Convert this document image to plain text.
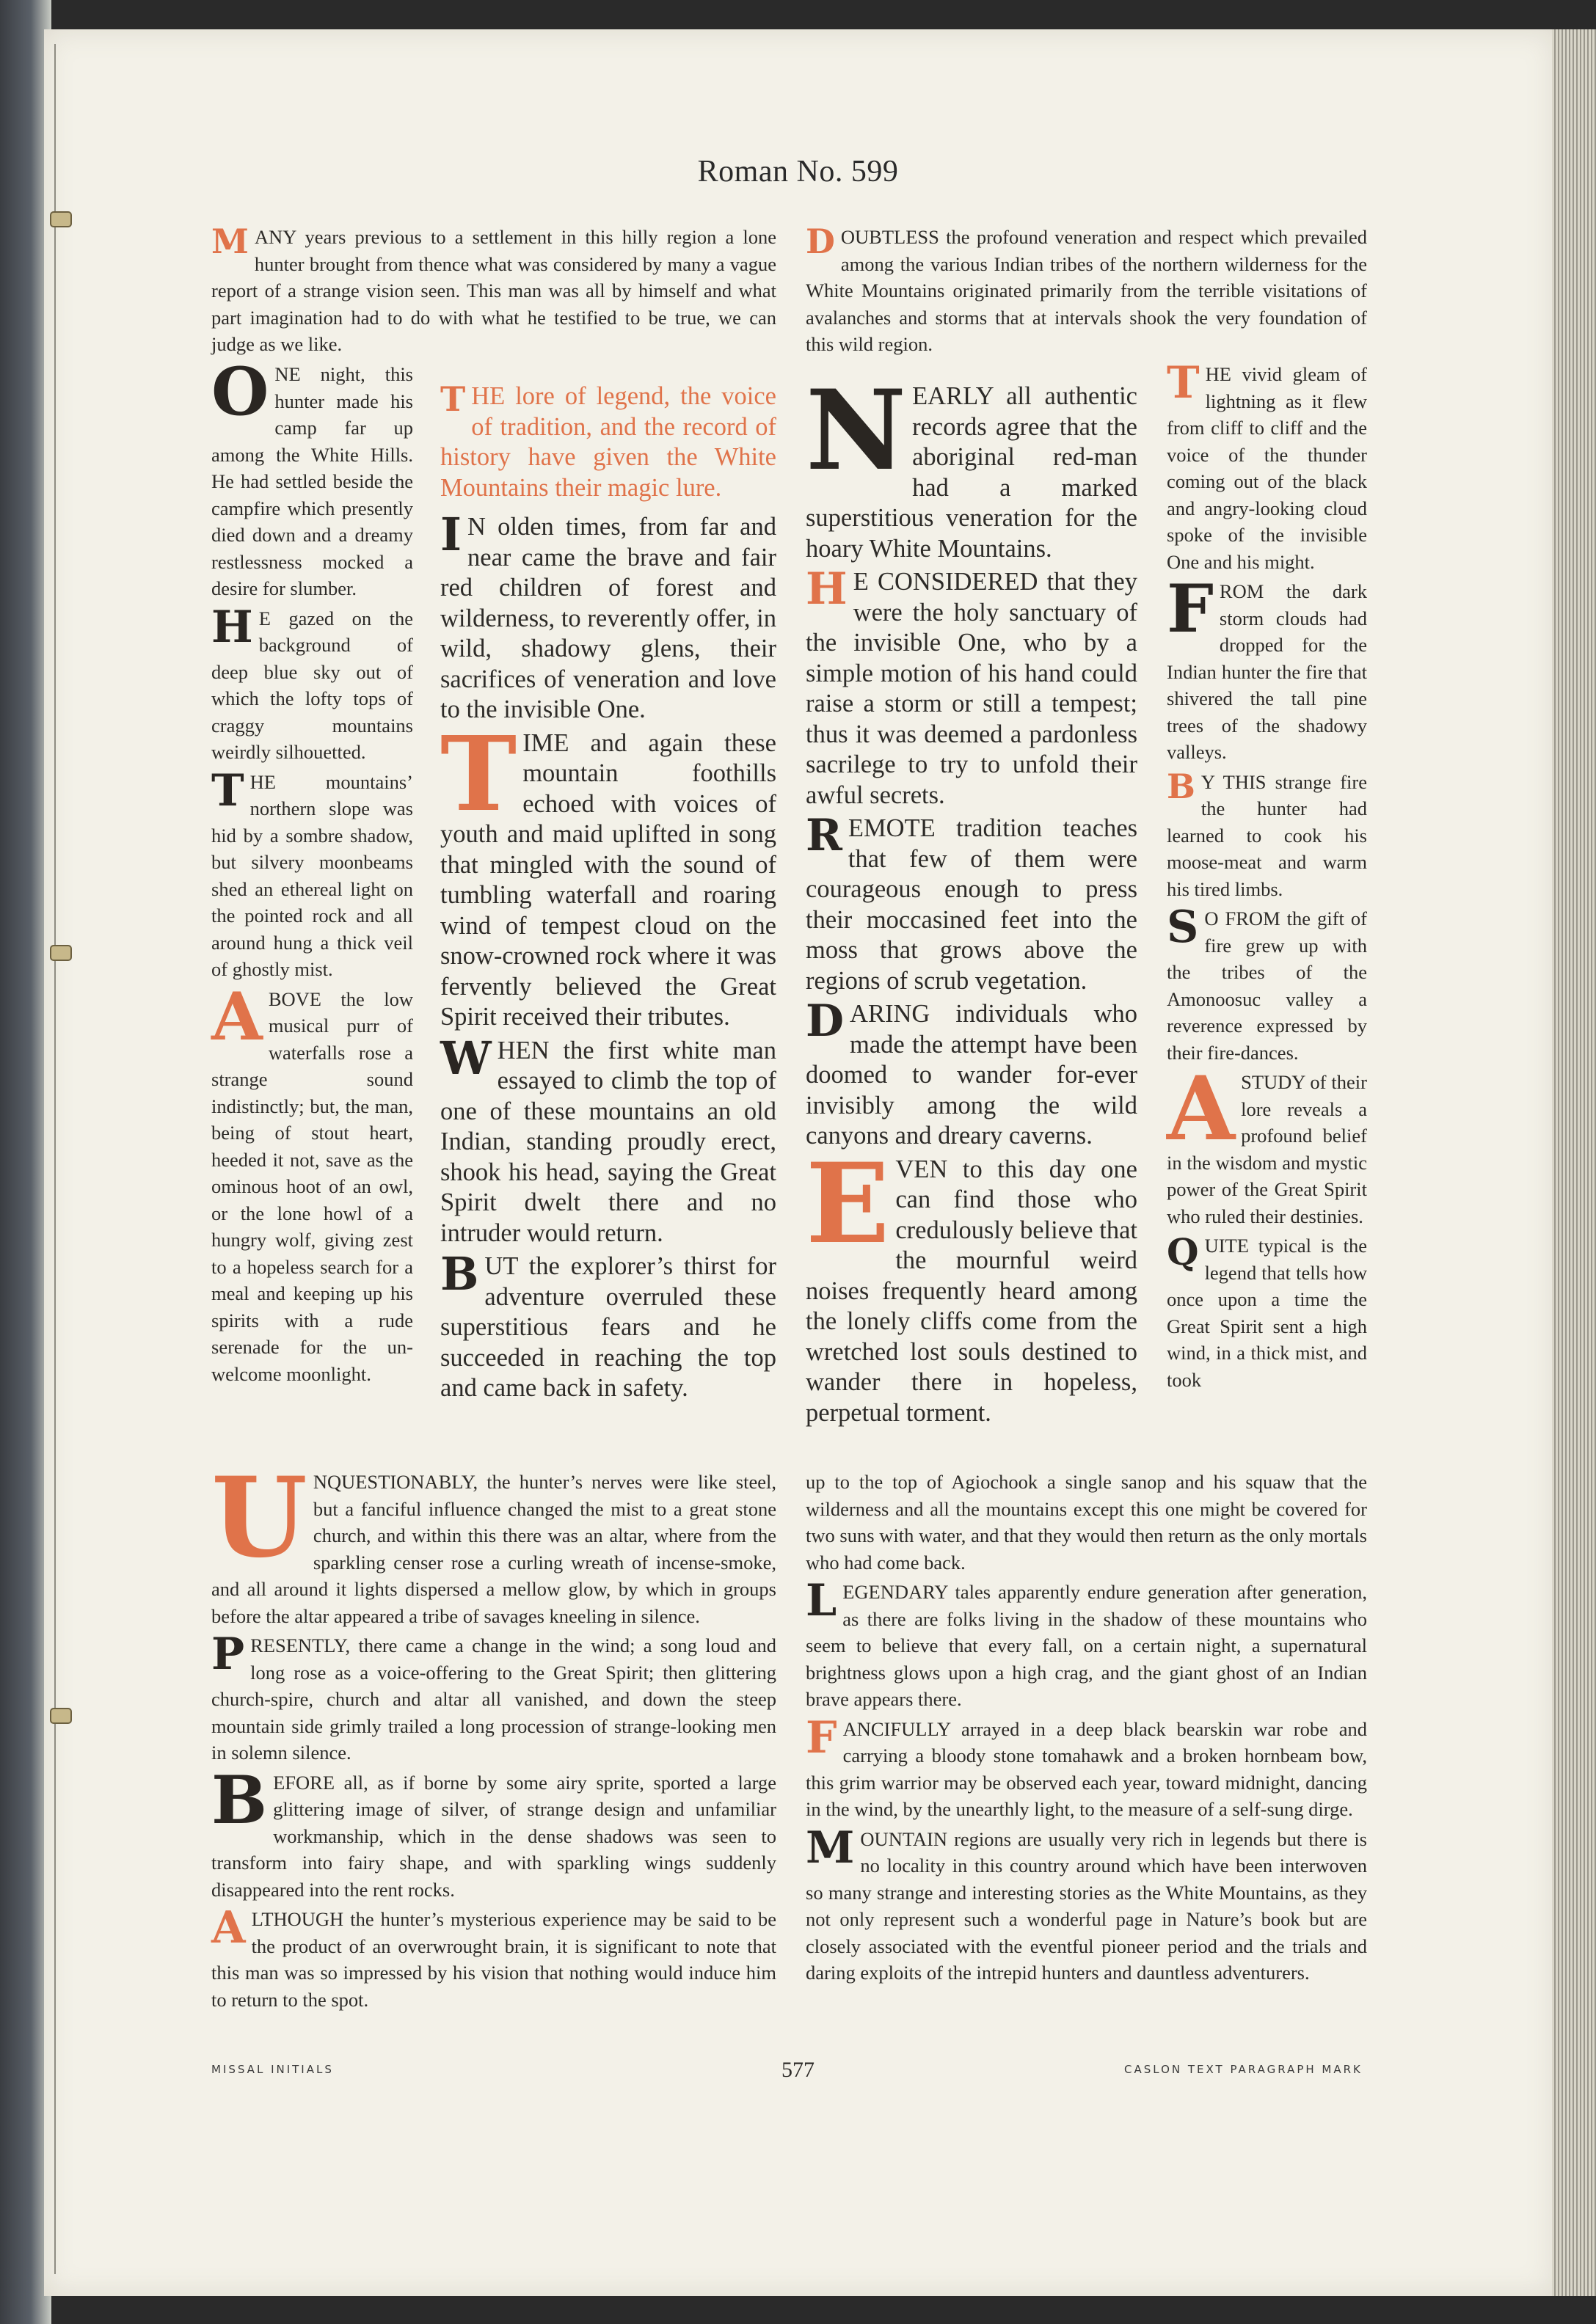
Roman No. 599

MANY years previous to a settlement in this hilly region a lone hunter brought from thence what was considered by many a vague report of a strange vision seen. This man was all by himself and what part imagination had to do with what he testified to be true, we can judge as we like.

ONE night, this hunter made his camp far up among the White Hills. He had settled beside the campfire which presently died down and a dreamy restlessness mocked a desire for slumber.

H E gazed on the background of deep blue sky out of which the lofty tops of craggy mountains weirdly silhouetted.

THE mountains’ northern slope was hid by a sombre shadow, but silvery moonbeams shed an ethereal light on the pointed rock and all around hung a thick veil of ghostly mist.

ABOVE the low musical purr of waterfalls rose a strange sound indistinctly; but, the man, being of stout heart, heeded it not, save as the ominous hoot of an owl, or the lone howl of a hungry wolf, giving zest to a hopeless search for a meal and keeping up his spirits with a rude serenade for the un-welcome moonlight.

T HE lore of legend, the voice of tradition, and the record of history have given the White Mountains their magic lure.

I N olden times, from far and near came the brave and fair red children of forest and wilderness, to reverently offer, in wild, shadowy glens, their sacrifices of veneration and love to the invisible One.

TIME and again these mountain foothills echoed with voices of youth and maid uplifted in song that mingled with the sound of tumbling waterfall and roaring wind of tempest cloud on the snow-crowned rock where it was fervently believed the Great Spirit received their tributes.

WHEN the first white man essayed to climb the top of one of these mountains an old Indian, standing proudly erect, shook his head, saying the Great Spirit dwelt there and no intruder would return.

BUT the explorer’s thirst for adventure overruled these superstitious fears and he succeeded in reaching the top and came back in safety.

DOUBTLESS the profound veneration and respect which prevailed among the various Indian tribes of the northern wilderness for the White Mountains originated primarily from the terrible visitations of avalanches and storms that at intervals shook the very foundation of this wild region.

NEARLY all authentic records agree that the aboriginal red-man had a marked superstitious veneration for the hoary White Mountains.

H E CONSIDERED that they were the holy sanctuary of the invisible One, who by a simple motion of his hand could raise a storm or still a tempest; thus it was deemed a pardonless sacrilege to try to unfold their awful secrets.

REMOTE tradition teaches that few of them were courageous enough to press their moccasined feet into the moss that grows above the regions of scrub vegetation.

DARING individuals who made the attempt have been doomed to wander for-ever invisibly among the wild canyons and dreary caverns.

EVEN to this day one can find those who credulously believe that the mournful weird noises frequently heard among the lonely cliffs come from the wretched lost souls destined to wander there in hopeless, perpetual torment.

THE vivid gleam of lightning as it flew from cliff to cliff and the voice of the thunder coming out of the black and angry-looking cloud spoke of the invisible One and his might.

FROM the dark storm clouds had dropped for the Indian hunter the fire that shivered the tall pine trees of the shadowy valleys.

B Y THIS strange fire the hunter had learned to cook his moose-meat and warm his tired limbs.

S O FROM the gift of fire grew up with the tribes of the Amonoosuc valley a reverence expressed by their fire-dances.

ASTUDY of their lore reveals a profound belief in the wisdom and mystic power of the Great Spirit who ruled their destinies.

QUITE typical is the legend that tells how once upon a time the Great Spirit sent a high wind, in a thick mist, and took

UNQUESTIONABLY, the hunter’s nerves were like steel, but a fanciful influence changed the mist to a great stone church, and within this there was an altar, where from the sparkling censer rose a curling wreath of incense-smoke, and all around it lights dispersed a mellow glow, by which in groups before the altar appeared a tribe of savages kneeling in silence.

PRESENTLY, there came a change in the wind; a song loud and long rose as a voice-offering to the Great Spirit; then glittering church-spire, church and altar all vanished, and down the steep mountain side grimly trailed a long procession of strange-looking men in solemn silence.

BEFORE all, as if borne by some airy sprite, sported a large glittering image of silver, of strange design and unfamiliar workmanship, which in the dense shadows was seen to transform into fairy shape, and with sparkling wings suddenly disappeared into the rent rocks.

ALTHOUGH the hunter’s mysterious experience may be said to be the product of an overwrought brain, it is significant to note that this man was so impressed by his vision that nothing would induce him to return to the spot.

up to the top of Agiochook a single sanop and his squaw that the wilderness and all the mountains except this one might be covered for two suns with water, and that they would then return as the only mortals who had come back.

LEGENDARY tales apparently endure generation after generation, as there are folks living in the shadow of these mountains who seem to believe that every fall, on a certain night, a supernatural brightness glows upon a high crag, and the giant ghost of an Indian brave appears there.

FANCIFULLY arrayed in a deep black bearskin war robe and carrying a bloody stone tomahawk and a broken hornbeam bow, this grim warrior may be observed each year, toward midnight, dancing in the wind, by the unearthly light, to the measure of a self-sung dirge.

MOUNTAIN regions are usually very rich in legends but there is no locality in this country around which have been interwoven so many strange and interesting stories as the White Mountains, as they not only represent such a wonderful page in Nature’s book but are closely associated with the eventful pioneer period and the trials and daring exploits of the intrepid hunters and dauntless adventurers.

MISSAL INITIALS	577	CASLON TEXT PARAGRAPH MARK
